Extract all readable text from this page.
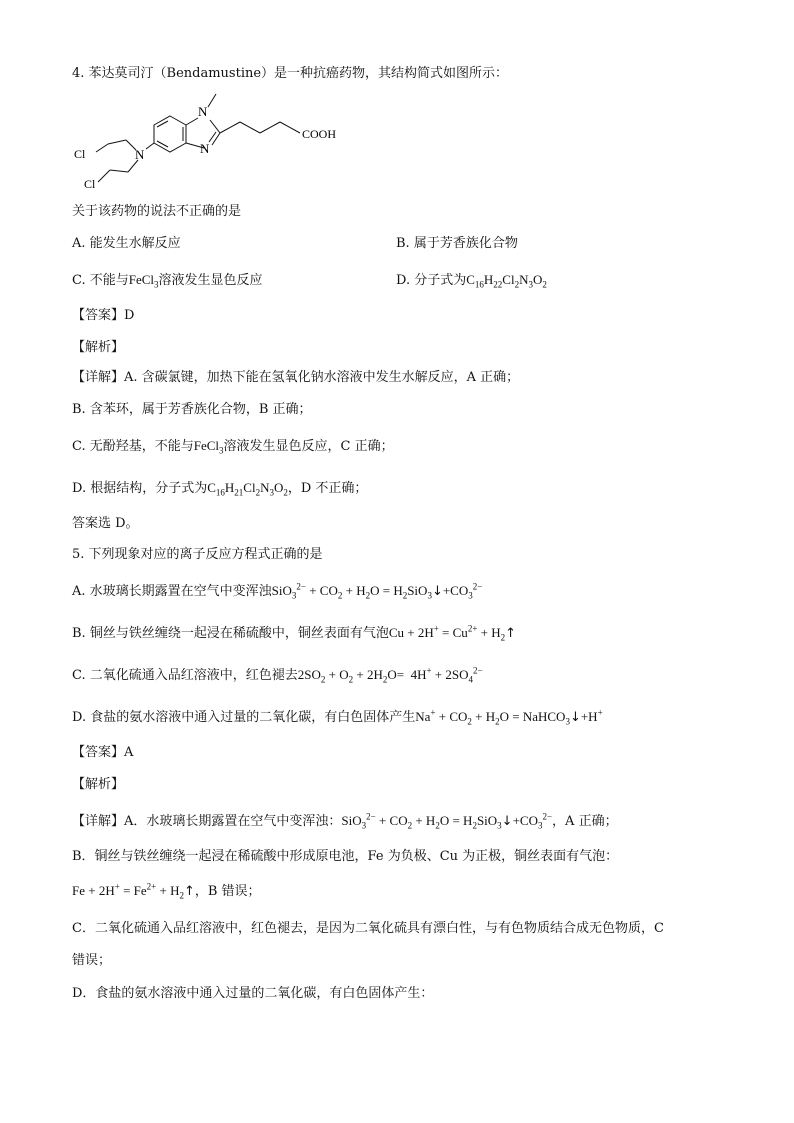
4. 苯达莫司汀（Bendamustine）是一种抗癌药物，其结构简式如图所示：
N
N
N
COOH
Cl
Cl
关于该药物的说法不正确的是
A. 能发生水解反应	B. 属于芳香族化合物
C. 不能与FeCl$_3$溶液发生显色反应	D. 分子式为$C_{16}H_{22}Cl_2N_3O_2$
【答案】D
【解析】
【详解】A. 含碳氯键，加热下能在氢氧化钠水溶液中发生水解反应，A 正确；
B. 含苯环，属于芳香族化合物，B 正确；
C. 无酚羟基，不能与FeCl$_3$溶液发生显色反应，C 正确；
D. 根据结构，分子式为$C_{16}H_{21}Cl_2N_3O_2$，D 不正确；
答案选 D。
5. 下列现象对应的离子反应方程式正确的是
A. 水玻璃长期露置在空气中变浑浊$SiO_3^{2-} + CO_2 + H_2O$ = $H_2SiO_3↓+CO_3^{2-}$
B. 铜丝与铁丝缠绕一起浸在稀硫酸中，铜丝表面有气泡$Cu + 2H^+ = Cu^{2+}$ + $H_2↑$
C. 二氧化硫通入品红溶液中，红色褪去$2SO_2 + O_2 + 2H_2O= 4H^+ + 2SO_4^{2-}$
D. 食盐的氨水溶液中通入过量的二氧化碳，有白色固体产生$Na^+ + CO_2 + H_2O$ = NaHCO$_3$↓+H+
【答案】A
【解析】
【详解】A．水玻璃长期露置在空气中变浑浊：$SiO_3^{2-} + CO_2 + H_2O$ = $H_2SiO_3↓+CO_3^{2-}$，A 正确；
B．铜丝与铁丝缠绕一起浸在稀硫酸中形成原电池，Fe 为负极、Cu 为正极，铜丝表面有气泡：
$Fe + 2H^+ = Fe^{2+}$ + $H_2↑$，B 错误；
C．二氧化硫通入品红溶液中，红色褪去，是因为二氧化硫具有漂白性，与有色物质结合成无色物质，C
错误；
D．食盐的氨水溶液中通入过量的二氧化碳，有白色固体产生：
